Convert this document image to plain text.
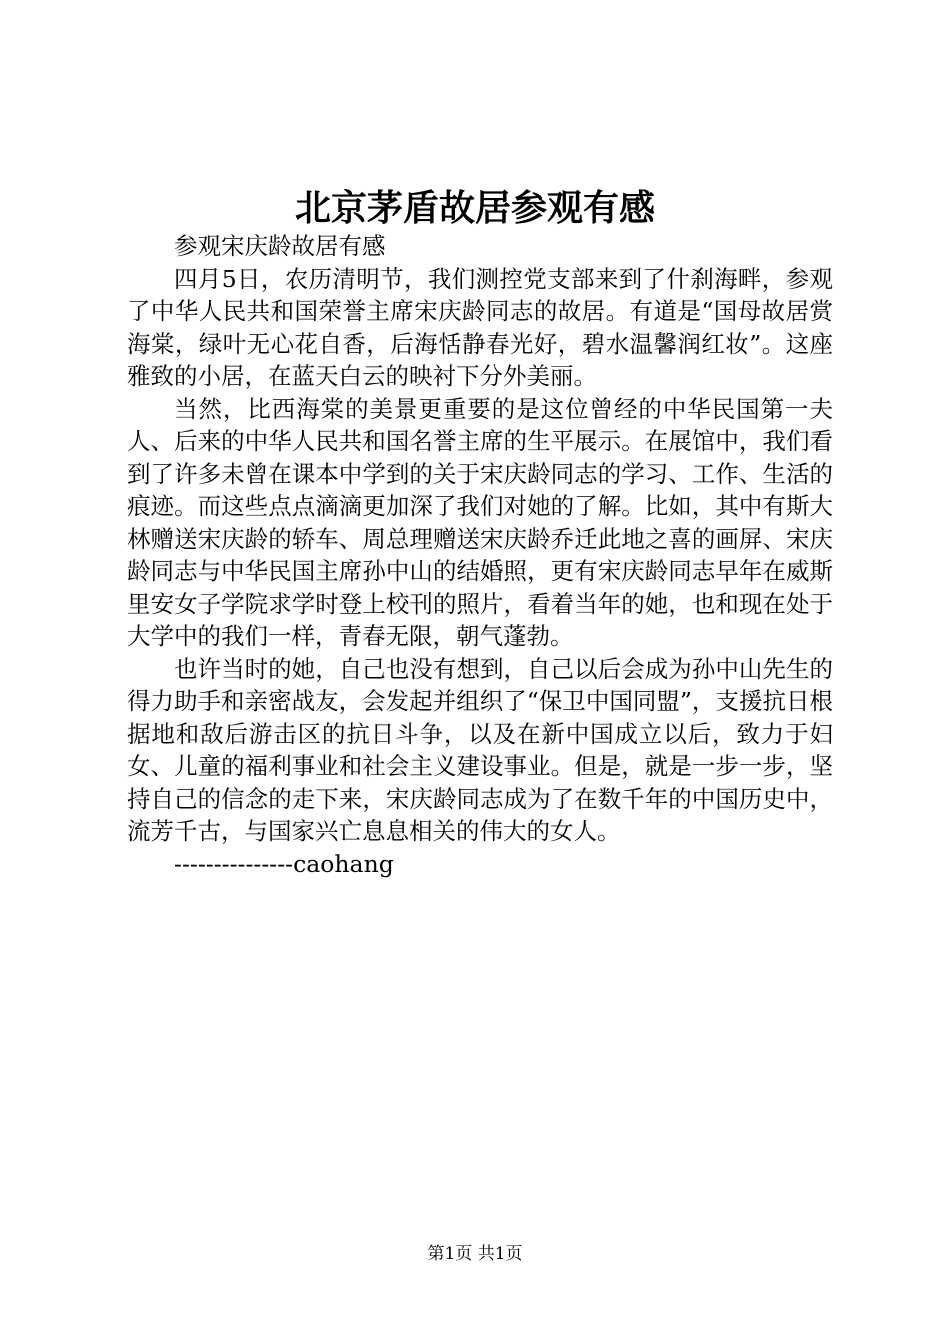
北京茅盾故居参观有感

参观宋庆龄故居有感

四月5日，农历清明节，我们测控党支部来到了什刹海畔，参观了中华人民共和国荣誉主席宋庆龄同志的故居。有道是“国母故居赏海棠，绿叶无心花自香，后海恬静春光好，碧水温馨润红妆”。这座雅致的小居，在蓝天白云的映衬下分外美丽。

当然，比西海棠的美景更重要的是这位曾经的中华民国第一夫人、后来的中华人民共和国名誉主席的生平展示。在展馆中，我们看到了许多未曾在课本中学到的关于宋庆龄同志的学习、工作、生活的痕迹。而这些点点滴滴更加深了我们对她的了解。比如，其中有斯大林赠送宋庆龄的轿车、周总理赠送宋庆龄乔迁此地之喜的画屏、宋庆龄同志与中华民国主席孙中山的结婚照，更有宋庆龄同志早年在威斯里安女子学院求学时登上校刊的照片，看着当年的她，也和现在处于大学中的我们一样，青春无限，朝气蓬勃。

也许当时的她，自己也没有想到，自己以后会成为孙中山先生的得力助手和亲密战友，会发起并组织了“保卫中国同盟”，支援抗日根据地和敌后游击区的抗日斗争，以及在新中国成立以后，致力于妇女、儿童的福利事业和社会主义建设事业。但是，就是一步一步，坚持自己的信念的走下来，宋庆龄同志成为了在数千年的中国历史中，流芳千古，与国家兴亡息息相关的伟大的女人。

---------------caohang

第1页 共1页
